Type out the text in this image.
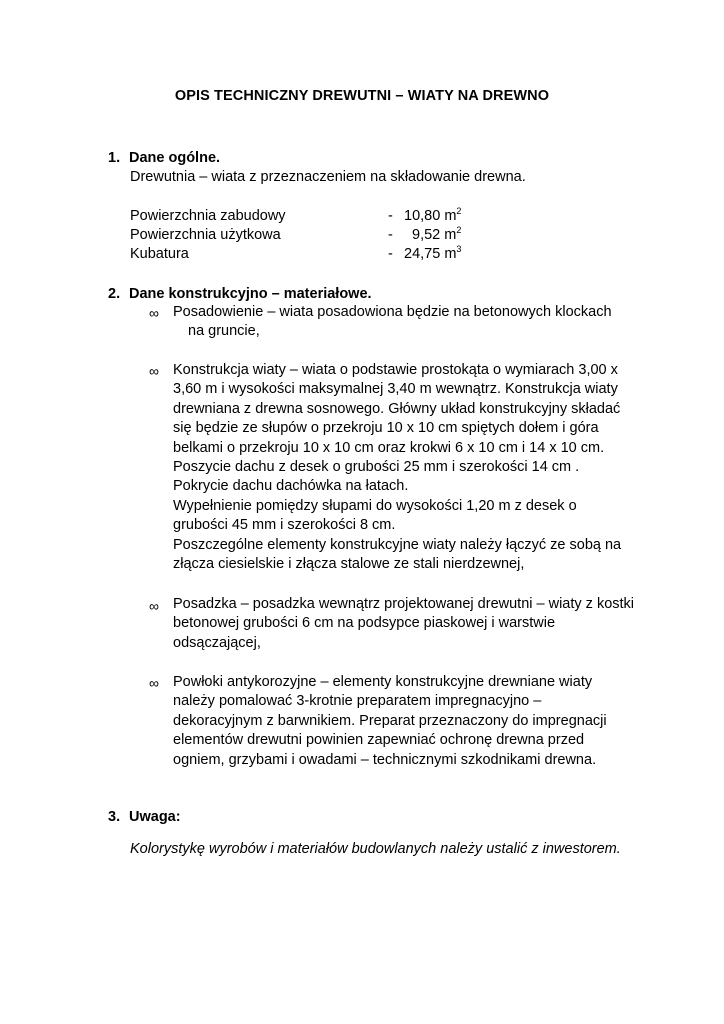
OPIS TECHNICZNY DREWUTNI – WIATY NA DREWNO
1. Dane ogólne.
Drewutnia – wiata z przeznaczeniem na składowanie drewna.
Powierzchnia zabudowy	- 10,80 $m^2$
Powierzchnia użytkowa	- 9,52 $m^2$
Kubatura	- 24,75 $m^3$
2. Dane konstrukcyjno – materiałowe.
∞ Posadowienie – wiata posadowiona będzie na betonowych klockach
na gruncie,
∞ Konstrukcja wiaty – wiata o podstawie prostokąta o wymiarach 3,00 x
3,60 m i wysokości maksymalnej 3,40 m wewnątrz. Konstrukcja wiaty
drewniana z drewna sosnowego. Główny układ konstrukcyjny składać
się będzie ze słupów o przekroju 10 x 10 cm spiętych dołem i góra
belkami o przekroju 10 x 10 cm oraz krokwi 6 x 10 cm i 14 x 10 cm.
Poszycie dachu z desek o grubości 25 mm i szerokości 14 cm .
Pokrycie dachu dachówka na łatach.
Wypełnienie pomiędzy słupami do wysokości 1,20 m z desek o
grubości 45 mm i szerokości 8 cm.
Poszczególne elementy konstrukcyjne wiaty należy łączyć ze sobą na
złącza ciesielskie i złącza stalowe ze stali nierdzewnej,
∞ Posadzka – posadzka wewnątrz projektowanej drewutni – wiaty z kostki
betonowej grubości 6 cm na podsypce piaskowej i warstwie
odsączającej,
∞ Powłoki antykorozyjne – elementy konstrukcyjne drewniane wiaty
należy pomalować 3-krotnie preparatem impregnacyjno –
dekoracyjnym z barwnikiem. Preparat przeznaczony do impregnacji
elementów drewutni powinien zapewniać ochronę drewna przed
ogniem, grzybami i owadami – technicznymi szkodnikami drewna.
3. Uwaga:
Kolorystykę wyrobów i materiałów budowlanych należy ustalić z inwestorem.
